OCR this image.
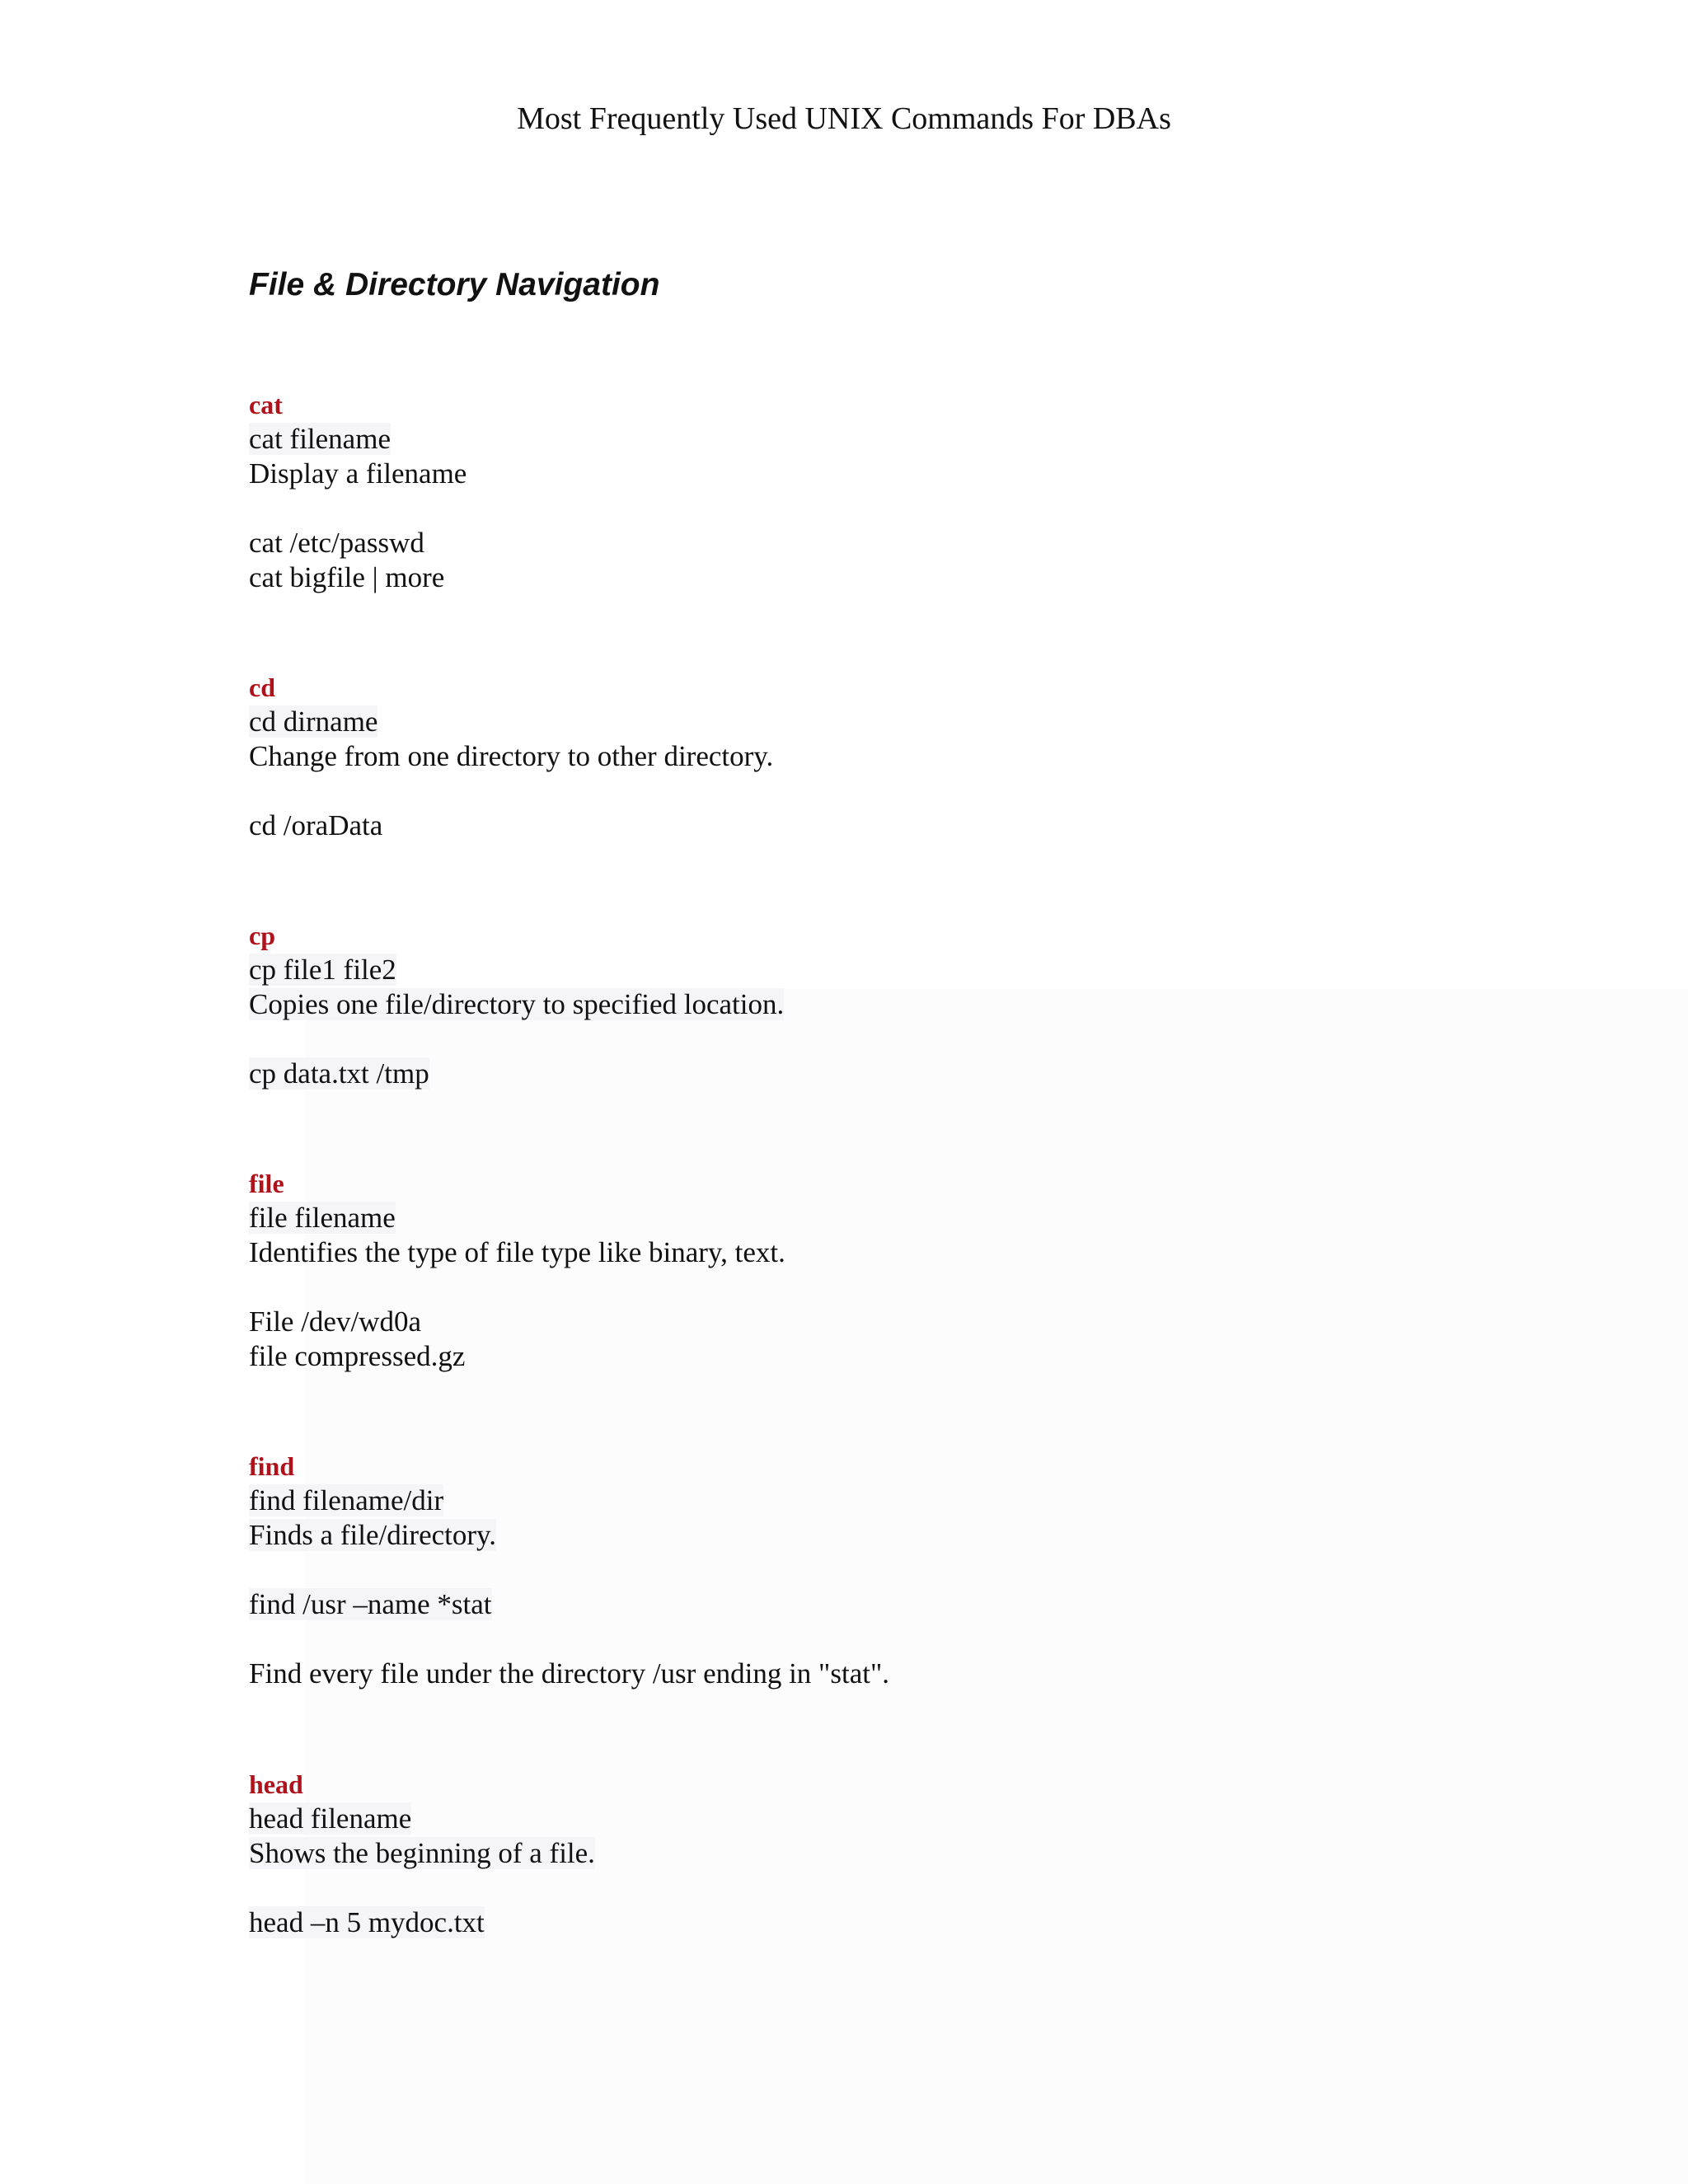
Most Frequently Used UNIX Commands For DBAs
File & Directory Navigation
cat
cat filename
Display a filename
cat /etc/passwd
cat bigfile | more
cd
cd dirname
Change from one directory to other directory.
cd /oraData
cp
cp file1 file2
Copies one file/directory to specified location.
cp data.txt /tmp
file
file filename
Identifies the type of file type like binary, text.
File /dev/wd0a
file compressed.gz
find
find filename/dir
Finds a file/directory.
find /usr –name *stat
Find every file under the directory /usr ending in "stat".
head
head filename
Shows the beginning of a file.
head –n 5 mydoc.txt
